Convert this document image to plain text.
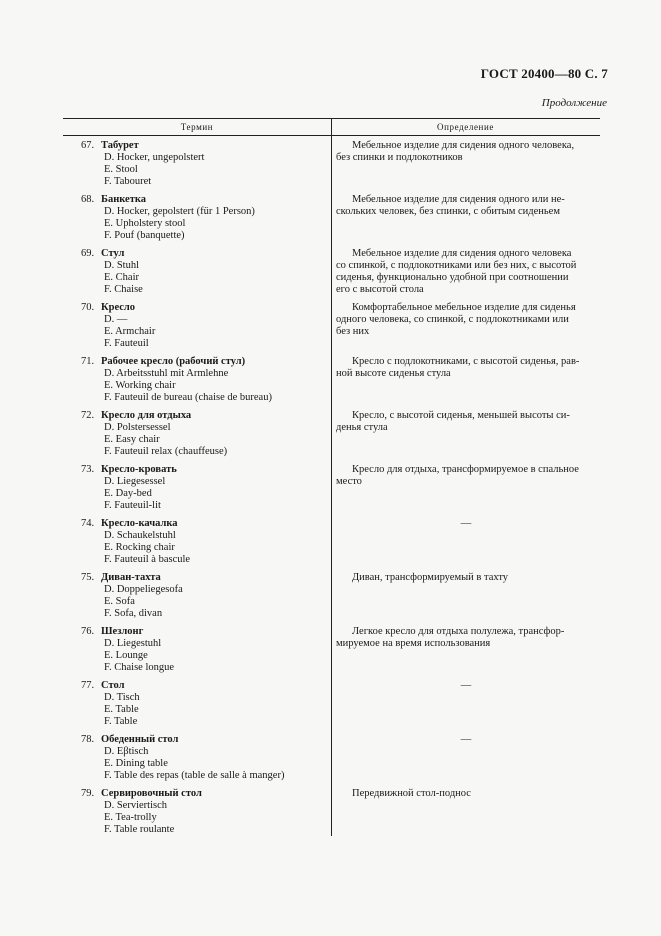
ГОСТ 20400—80 С. 7
Продолжение
Термин	Определение
67. Табурет
D. Hocker, ungepolstert
E. Stool
F. Tabouret
Мебельное изделие для сидения одного человека,
без спинки и подлокотников
68. Банкетка
D. Hocker, gepolstert (für 1 Person)
E. Upholstery stool
F. Pouf (banquette)
Мебельное изделие для сидения одного или не-
скольких человек, без спинки, с обитым сиденьем
69. Стул
D. Stuhl
E. Chair
F. Chaise
Мебельное изделие для сидения одного человека
со спинкой, с подлокотниками или без них, с высотой
сиденья, функционально удобной при соотношении
его с высотой стола
70. Кресло
D. —
E. Armchair
F. Fauteuil
Комфортабельное мебельное изделие для сиденья
одного человека, со спинкой, с подлокотниками или
без них
71. Рабочее кресло (рабочий стул)
D. Arbeitsstuhl mit Armlehne
E. Working chair
F. Fauteuil de bureau (chaise de bureau)
Кресло с подлокотниками, с высотой сиденья, рав-
ной высоте сиденья стула
72. Кресло для отдыха
D. Polstersessel
E. Easy chair
F. Fauteuil relax (chauffeuse)
Кресло, с высотой сиденья, меньшей высоты си-
денья стула
73. Кресло-кровать
D. Liegesessel
E. Day-bed
F. Fauteuil-lit
Кресло для отдыха, трансформируемое в спальное
место
74. Кресло-качалка
D. Schaukelstuhl
E. Rocking chair
F. Fauteuil à bascule
—
75. Диван-тахта
D. Doppeliegesofa
E. Sofa
F. Sofa, divan
Диван, трансформируемый в тахту
76. Шезлонг
D. Liegestuhl
E. Lounge
F. Chaise longue
Легкое кресло для отдыха полулежа, трансфор-
мируемое на время использования
77. Стол
D. Tisch
E. Table
F. Table
—
78. Обеденный стол
D. Eβtisch
E. Dining table
F. Table des repas (table de salle à manger)
—
79. Сервировочный стол
D. Serviertisch
E. Tea-trolly
F. Table roulante
Передвижной стол-поднос
